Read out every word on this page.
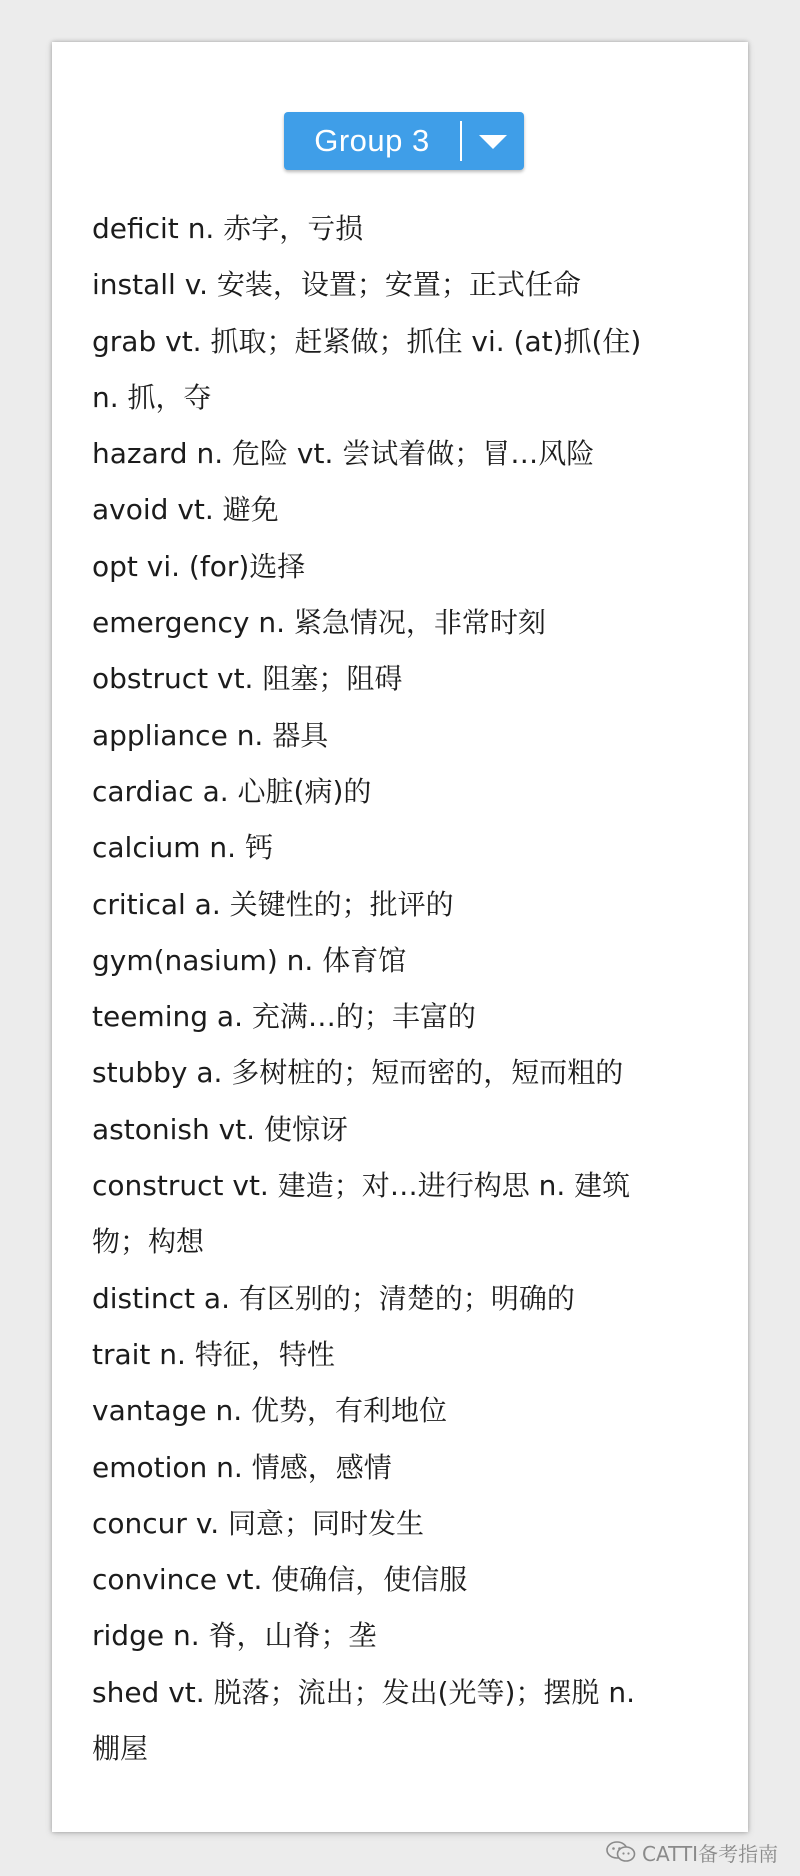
Group 3
deficit n. 赤字，亏损
install v. 安装，设置；安置；正式任命
grab vt. 抓取；赶紧做；抓住 vi. (at)抓(住)
n. 抓，夺
hazard n. 危险 vt. 尝试着做；冒…风险
avoid vt. 避免
opt vi. (for)选择
emergency n. 紧急情况，非常时刻
obstruct vt. 阻塞；阻碍
appliance n. 器具
cardiac a. 心脏(病)的
calcium n. 钙
critical a. 关键性的；批评的
gym(nasium) n. 体育馆
teeming a. 充满…的；丰富的
stubby a. 多树桩的；短而密的，短而粗的
astonish vt. 使惊讶
construct vt. 建造；对…进行构思 n. 建筑
物；构想
distinct a. 有区别的；清楚的；明确的
trait n. 特征，特性
vantage n. 优势，有利地位
emotion n. 情感，感情
concur v. 同意；同时发生
convince vt. 使确信，使信服
ridge n. 脊，山脊；垄
shed vt. 脱落；流出；发出(光等)；摆脱 n.
棚屋
CATTI备考指南
